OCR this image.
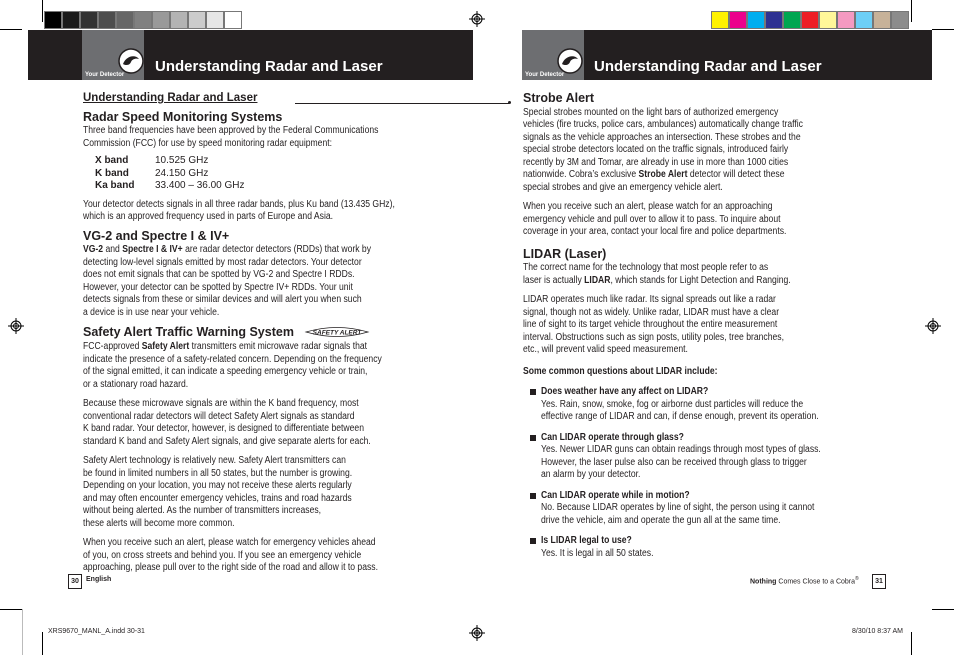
Your Detector Understanding Radar and Laser	Your Detector Understanding Radar and Laser
Understanding Radar and Laser
Radar Speed Monitoring Systems
Three band frequencies have been approved by the Federal Communications
Commission (FCC) for use by speed monitoring radar equipment:
X band	10.525 GHz
K band	24.150 GHz
Ka band	33.400 – 36.00 GHz
Your detector detects signals in all three radar bands, plus Ku band (13.435 GHz),
which is an approved frequency used in parts of Europe and Asia.
VG-2 and Spectre I & IV+
VG-2 and Spectre I & IV+ are radar detector detectors (RDDs) that work by
detecting low-level signals emitted by most radar detectors. Your detector
does not emit signals that can be spotted by VG-2 and Spectre I RDDs.
However, your detector can be spotted by Spectre IV+ RDDs. Your unit
detects signals from these or similar devices and will alert you when such
a device is in use near your vehicle.
Safety Alert Traffic Warning System	SAFETY ALERT
FCC-approved Safety Alert transmitters emit microwave radar signals that
indicate the presence of a safety-related concern. Depending on the frequency
of the signal emitted, it can indicate a speeding emergency vehicle or train,
or a stationary road hazard.
Because these microwave signals are within the K band frequency, most
conventional radar detectors will detect Safety Alert signals as standard
K band radar. Your detector, however, is designed to differentiate between
standard K band and Safety Alert signals, and give separate alerts for each.
Safety Alert technology is relatively new. Safety Alert transmitters can
be found in limited numbers in all 50 states, but the number is growing.
Depending on your location, you may not receive these alerts regularly
and may often encounter emergency vehicles, trains and road hazards
without being alerted. As the number of transmitters increases,
these alerts will become more common.
When you receive such an alert, please watch for emergency vehicles ahead
of you, on cross streets and behind you. If you see an emergency vehicle
approaching, please pull over to the right side of the road and allow it to pass.
Strobe Alert
Special strobes mounted on the light bars of authorized emergency
vehicles (fire trucks, police cars, ambulances) automatically change traffic
signals as the vehicle approaches an intersection. These strobes and the
special strobe detectors located on the traffic signals, introduced fairly
recently by 3M and Tomar, are already in use in more than 1000 cities
nationwide. Cobra’s exclusive Strobe Alert detector will detect these
special strobes and give an emergency vehicle alert.
When you receive such an alert, please watch for an approaching
emergency vehicle and pull over to allow it to pass. To inquire about
coverage in your area, contact your local fire and police departments.
LIDAR (Laser)
The correct name for the technology that most people refer to as
laser is actually LIDAR, which stands for Light Detection and Ranging.
LIDAR operates much like radar. Its signal spreads out like a radar
signal, though not as widely. Unlike radar, LIDAR must have a clear
line of sight to its target vehicle throughout the entire measurement
interval. Obstructions such as sign posts, utility poles, tree branches,
etc., will prevent valid speed measurement.
Some common questions about LIDAR include:
Does weather have any affect on LIDAR?
Yes. Rain, snow, smoke, fog or airborne dust particles will reduce the
effective range of LIDAR and can, if dense enough, prevent its operation.
Can LIDAR operate through glass?
Yes. Newer LIDAR guns can obtain readings through most types of glass.
However, the laser pulse also can be received through glass to trigger
an alarm by your detector.
Can LIDAR operate while in motion?
No. Because LIDAR operates by line of sight, the person using it cannot
drive the vehicle, aim and operate the gun all at the same time.
Is LIDAR legal to use?
Yes. It is legal in all 50 states.
30	English	Nothing Comes Close to a Cobra®	31
XRS9670_MANL_A.indd 30-31	8/30/10 8:37 AM
